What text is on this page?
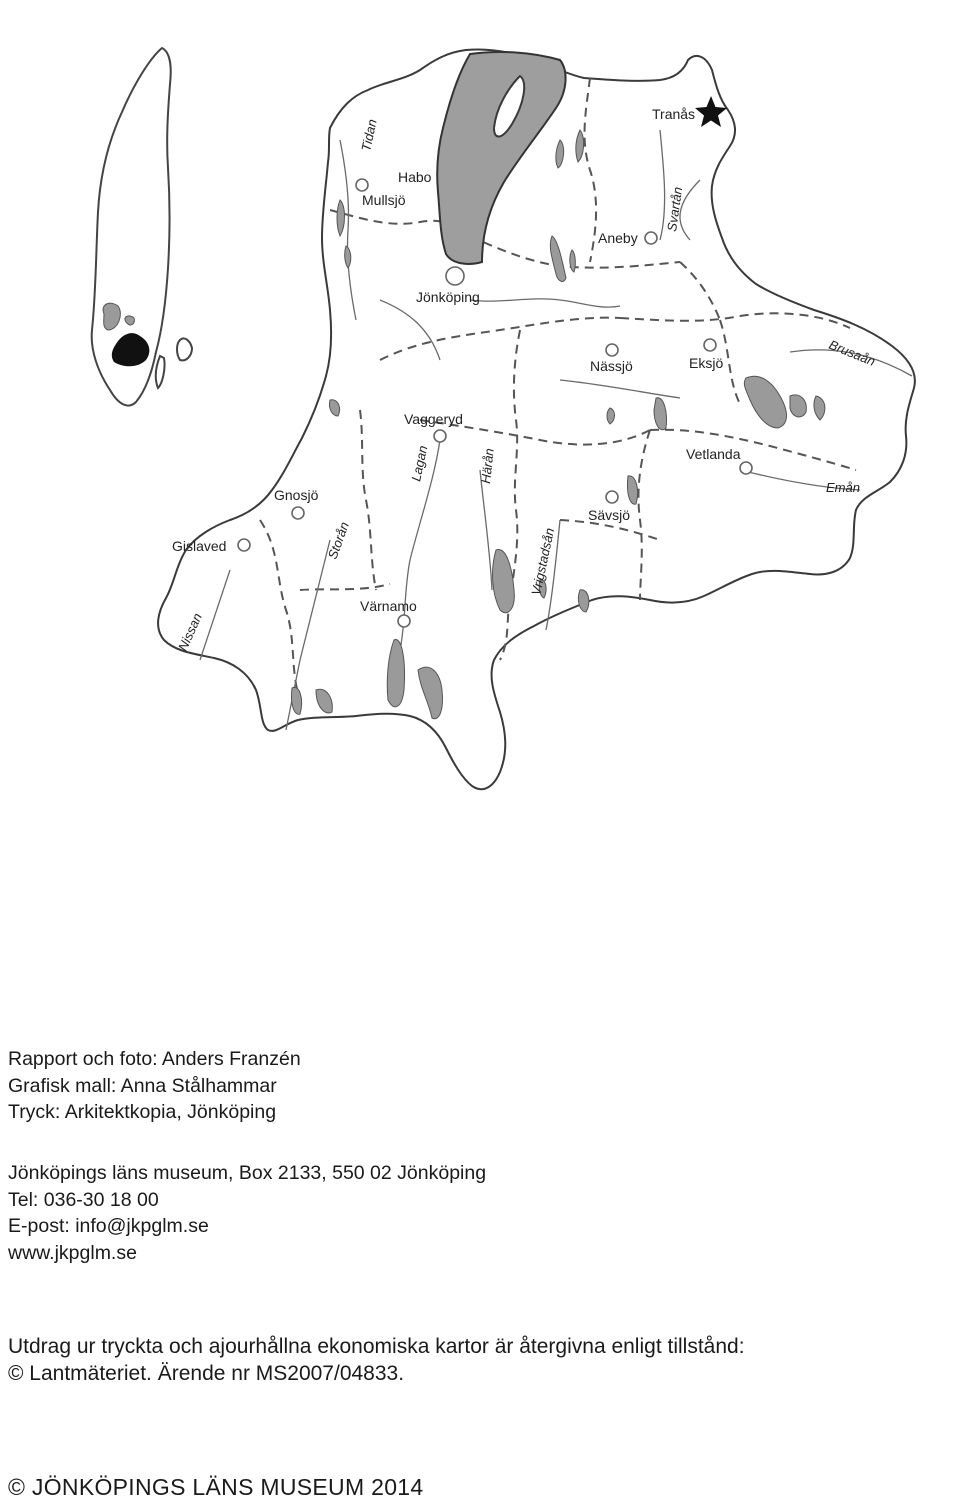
Habo
Mullsjö
Jönköping
Tranås
Aneby
Nässjö	Eksjö
Vaggeryd
Vetlanda
Gnosjö
Sävsjö
Gislaved
Värnamo
Tidan
Svartån
Brusaån
Lagan	Härån
Storån	Vrigstadsån
Emån
Nissan
Rapport och foto: Anders Franzén
Grafisk mall: Anna Stålhammar
Tryck: Arkitektkopia, Jönköping
Jönköpings läns museum, Box 2133, 550 02 Jönköping
Tel: 036-30 18 00
E-post: info@jkpglm.se
www.jkpglm.se
Utdrag ur tryckta och ajourhållna ekonomiska kartor är återgivna enligt tillstånd:
© Lantmäteriet. Ärende nr MS2007/04833.
© JÖNKÖPINGS LÄNS MUSEUM 2014
